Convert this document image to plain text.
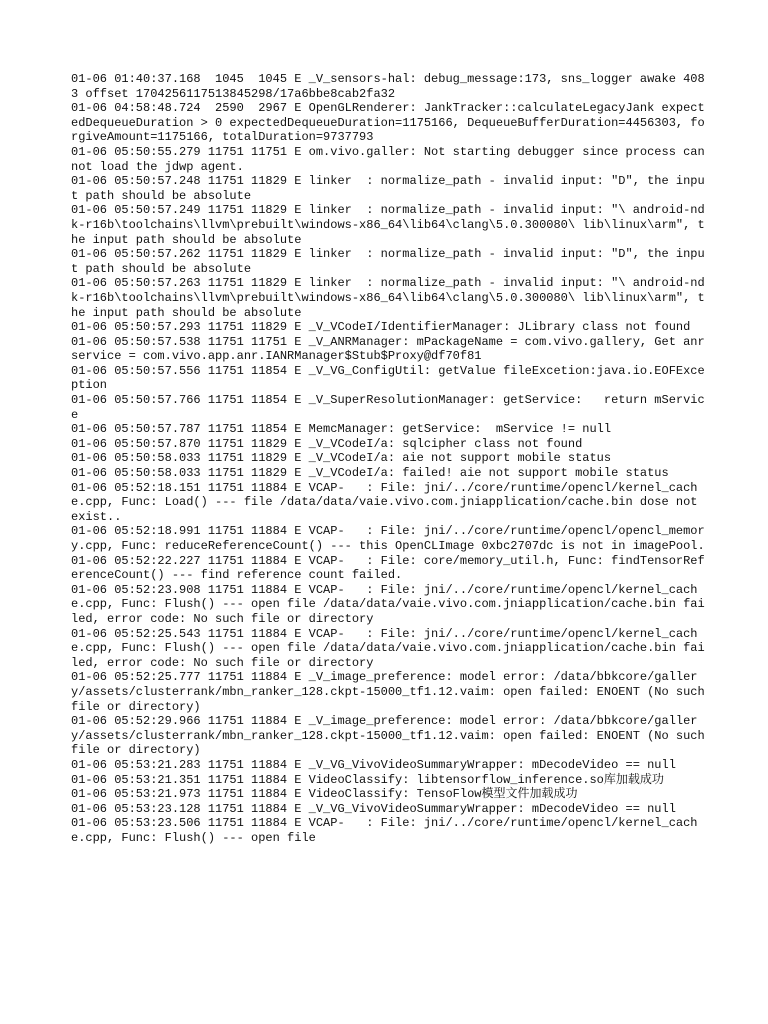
01-06 01:40:37.168  1045  1045 E _V_sensors-hal: debug_message:173, sns_logger awake 4083 offset 1704256117513845298/17a6bbe8cab2fa32

01-06 04:58:48.724  2590  2967 E OpenGLRenderer: JankTracker::calculateLegacyJank expectedDequeueDuration > 0 expectedDequeueDuration=1175166, DequeueBufferDuration=4456303, forgiveAmount=1175166, totalDuration=9737793

01-06 05:50:55.279 11751 11751 E om.vivo.galler: Not starting debugger since process cannot load the jdwp agent.

01-06 05:50:57.248 11751 11829 E linker  : normalize_path - invalid input: "D", the input path should be absolute

01-06 05:50:57.249 11751 11829 E linker  : normalize_path - invalid input: "\ android-ndk-r16b\toolchains\llvm\prebuilt\windows-x86_64\lib64\clang\5.0.300080\ lib\linux\arm", the input path should be absolute

01-06 05:50:57.262 11751 11829 E linker  : normalize_path - invalid input: "D", the input path should be absolute

01-06 05:50:57.263 11751 11829 E linker  : normalize_path - invalid input: "\ android-ndk-r16b\toolchains\llvm\prebuilt\windows-x86_64\lib64\clang\5.0.300080\ lib\linux\arm", the input path should be absolute

01-06 05:50:57.293 11751 11829 E _V_VCodeI/IdentifierManager: JLibrary class not found

01-06 05:50:57.538 11751 11751 E _V_ANRManager: mPackageName = com.vivo.gallery, Get anr service = com.vivo.app.anr.IANRManager$Stub$Proxy@df70f81

01-06 05:50:57.556 11751 11854 E _V_VG_ConfigUtil: getValue fileExcetion:java.io.EOFException

01-06 05:50:57.766 11751 11854 E _V_SuperResolutionManager: getService:   return mService

01-06 05:50:57.787 11751 11854 E MemcManager: getService:  mService != null

01-06 05:50:57.870 11751 11829 E _V_VCodeI/a: sqlcipher class not found

01-06 05:50:58.033 11751 11829 E _V_VCodeI/a: aie not support mobile status

01-06 05:50:58.033 11751 11829 E _V_VCodeI/a: failed! aie not support mobile status

01-06 05:52:18.151 11751 11884 E VCAP-   : File: jni/../core/runtime/opencl/kernel_cache.cpp, Func: Load() --- file /data/data/vaie.vivo.com.jniapplication/cache.bin dose not exist..

01-06 05:52:18.991 11751 11884 E VCAP-   : File: jni/../core/runtime/opencl/opencl_memory.cpp, Func: reduceReferenceCount() --- this OpenCLImage 0xbc2707dc is not in imagePool.

01-06 05:52:22.227 11751 11884 E VCAP-   : File: core/memory_util.h, Func: findTensorReferenceCount() --- find reference count failed.

01-06 05:52:23.908 11751 11884 E VCAP-   : File: jni/../core/runtime/opencl/kernel_cache.cpp, Func: Flush() --- open file /data/data/vaie.vivo.com.jniapplication/cache.bin failed, error code: No such file or directory

01-06 05:52:25.543 11751 11884 E VCAP-   : File: jni/../core/runtime/opencl/kernel_cache.cpp, Func: Flush() --- open file /data/data/vaie.vivo.com.jniapplication/cache.bin failed, error code: No such file or directory

01-06 05:52:25.777 11751 11884 E _V_image_preference: model error: /data/bbkcore/gallery/assets/clusterrank/mbn_ranker_128.ckpt-15000_tf1.12.vaim: open failed: ENOENT (No such file or directory)

01-06 05:52:29.966 11751 11884 E _V_image_preference: model error: /data/bbkcore/gallery/assets/clusterrank/mbn_ranker_128.ckpt-15000_tf1.12.vaim: open failed: ENOENT (No such file or directory)

01-06 05:53:21.283 11751 11884 E _V_VG_VivoVideoSummaryWrapper: mDecodeVideo == null

01-06 05:53:21.351 11751 11884 E VideoClassify: libtensorflow_inference.so库加载成功

01-06 05:53:21.973 11751 11884 E VideoClassify: TensoFlow模型文件加载成功

01-06 05:53:23.128 11751 11884 E _V_VG_VivoVideoSummaryWrapper: mDecodeVideo == null

01-06 05:53:23.506 11751 11884 E VCAP-   : File: jni/../core/runtime/opencl/kernel_cache.cpp, Func: Flush() --- open file
